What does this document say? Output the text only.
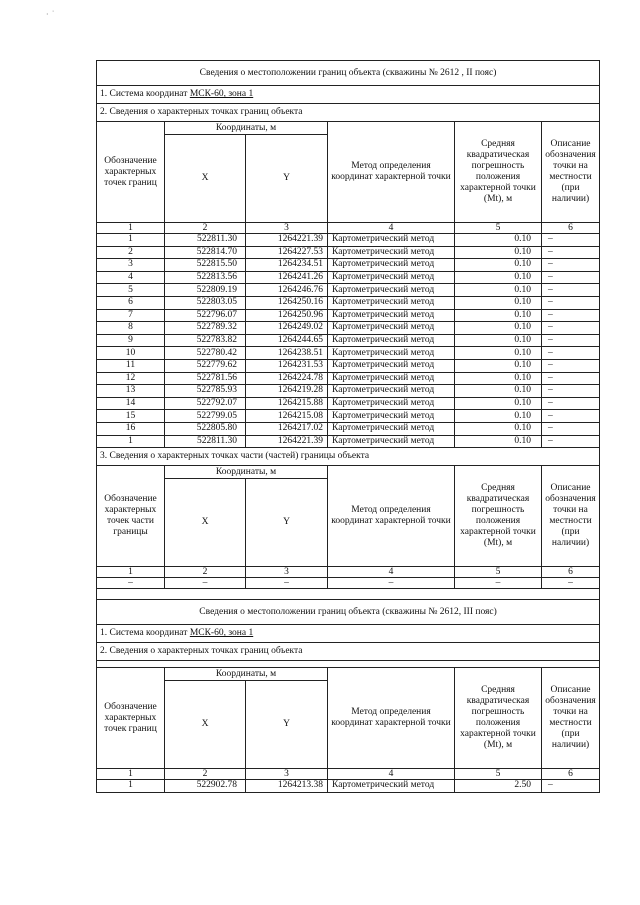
· ˙
Сведения о местоположении границ объекта (скважины № 2612 , II пояс)					
1. Система координат МСК-60, зона 1					
2. Сведения о характерных точках границ объекта					
Обозначение характерных точек границ	Координаты, м		Метод определения координат характерной точки	Средняя квадратическая погрешность положения характерной точки (Mt), м	Описание обозначения точки на местности (при наличии)
	X	Y			
1	2	3	4	5	6
1	522811.30	1264221.39	Картометрический метод	0.10	–
2	522814.70	1264227.53	Картометрический метод	0.10	–
3	522815.50	1264234.51	Картометрический метод	0.10	–
4	522813.56	1264241.26	Картометрический метод	0.10	–
5	522809.19	1264246.76	Картометрический метод	0.10	–
6	522803.05	1264250.16	Картометрический метод	0.10	–
7	522796.07	1264250.96	Картометрический метод	0.10	–
8	522789.32	1264249.02	Картометрический метод	0.10	–
9	522783.82	1264244.65	Картометрический метод	0.10	–
10	522780.42	1264238.51	Картометрический метод	0.10	–
11	522779.62	1264231.53	Картометрический метод	0.10	–
12	522781.56	1264224.78	Картометрический метод	0.10	–
13	522785.93	1264219.28	Картометрический метод	0.10	–
14	522792.07	1264215.88	Картометрический метод	0.10	–
15	522799.05	1264215.08	Картометрический метод	0.10	–
16	522805.80	1264217.02	Картометрический метод	0.10	–
1	522811.30	1264221.39	Картометрический метод	0.10	–
3. Сведения о характерных точках части (частей) границы объекта					
Обозначение характерных точек части границы	Координаты, м		Метод определения координат характерной точки	Средняя квадратическая погрешность положения характерной точки (Mt), м	Описание обозначения точки на местности (при наличии)
	X	Y			
1	2	3	4	5	6
–	–	–	–	–	–

Сведения о местоположении границ объекта (скважины № 2612, III пояс)					
1. Система координат МСК-60, зона 1					
2. Сведения о характерных точках границ объекта					

Обозначение характерных точек границ	Координаты, м		Метод определения координат характерной точки	Средняя квадратическая погрешность положения характерной точки (Mt), м	Описание обозначения точки на местности (при наличии)
	X	Y			
1	2	3	4	5	6
1	522902.78	1264213.38	Картометрический метод	2.50	–
